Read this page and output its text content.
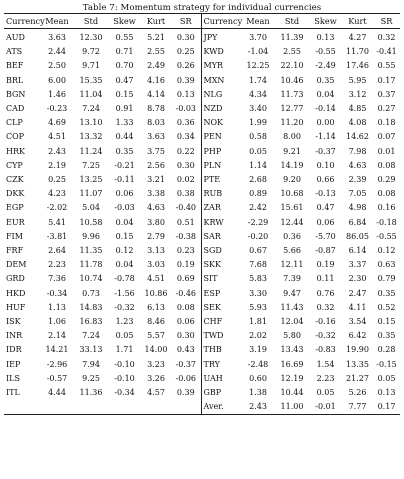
Table 7: Momentum strategy for individual currencies
Currency	Mean	Std	Skew	Kurt	SR	Currency	Mean	Std	Skew	Kurt	SR
AUD	3.63	12.30	0.55	5.21	0.30	JPY	3.70	11.39	0.13	4.27	0.32
ATS	2.44	9.72	0.71	2.55	0.25	KWD	-1.04	2.55	-0.55	11.70	-0.41
BEF	2.50	9.71	0.70	2.49	0.26	MYR	12.25	22.10	-2.49	17.46	0.55
BRL	6.00	15.35	0.47	4.16	0.39	MXN	1.74	10.46	0.35	5.95	0.17
BGN	1.46	11.04	0.15	4.14	0.13	NLG	4.34	11.73	0.04	3.12	0.37
CAD	-0.23	7.24	0.91	8.78	-0.03	NZD	3.40	12.77	-0.14	4.85	0.27
CLP	4.69	13.10	1.33	8.03	0.36	NOK	1.99	11.20	0.00	4.08	0.18
COP	4.51	13.32	0.44	3.63	0.34	PEN	0.58	8.00	-1.14	14.62	0.07
HRK	2.43	11.24	0.35	3.75	0.22	PHP	0.05	9.21	-0.37	7.98	0.01
CYP	2.19	7.25	-0.21	2.56	0.30	PLN	1.14	14.19	0.10	4.63	0.08
CZK	0.25	13.25	-0.11	3.21	0.02	PTE	2.68	9.20	0.66	2.39	0.29
DKK	4.23	11.07	0.06	3.38	0.38	RUB	0.89	10.68	-0.13	7.05	0.08
EGP	-2.02	5.04	-0.03	4.63	-0.40	ZAR	2.42	15.61	0.47	4.98	0.16
EUR	5.41	10.58	0.04	3.80	0.51	KRW	-2.29	12.44	0.06	6.84	-0.18
FIM	-3.81	9.96	0.15	2.79	-0.38	SAR	-0.20	0.36	-5.70	86.05	-0.55
FRF	2.64	11.35	0.12	3.13	0.23	SGD	0.67	5.66	-0.87	6.14	0.12
DEM	2.23	11.78	0.04	3.03	0.19	SKK	7.68	12.11	0.19	3.37	0.63
GRD	7.36	10.74	-0.78	4.51	0.69	SIT	5.83	7.39	0.11	2.30	0.79
HKD	-0.34	0.73	-1.56	10.86	-0.46	ESP	3.30	9.47	0.76	2.47	0.35
HUF	1.13	14.83	-0.32	6.13	0.08	SEK	5.93	11.43	0.32	4.11	0.52
ISK	1.06	16.83	1.23	8.46	0.06	CHF	1.81	12.04	-0.16	3.54	0.15
INR	2.14	7.24	0.05	5.57	0.30	TWD	2.02	5.80	-0.32	6.42	0.35
IDR	14.21	33.13	1.71	14.00	0.43	THB	3.19	13.43	-0.83	19.90	0.28
IEP	-2.96	7.94	-0.10	3.23	-0.37	TRY	-2.48	16.69	1.54	13.35	-0.15
ILS	-0.57	9.25	-0.10	3.26	-0.06	UAH	0.60	12.19	2.23	21.27	0.05
ITL	4.44	11.36	-0.34	4.57	0.39	GBP	1.38	10.44	0.05	5.26	0.13
						Aver.	2.43	11.00	-0.01	7.77	0.17
